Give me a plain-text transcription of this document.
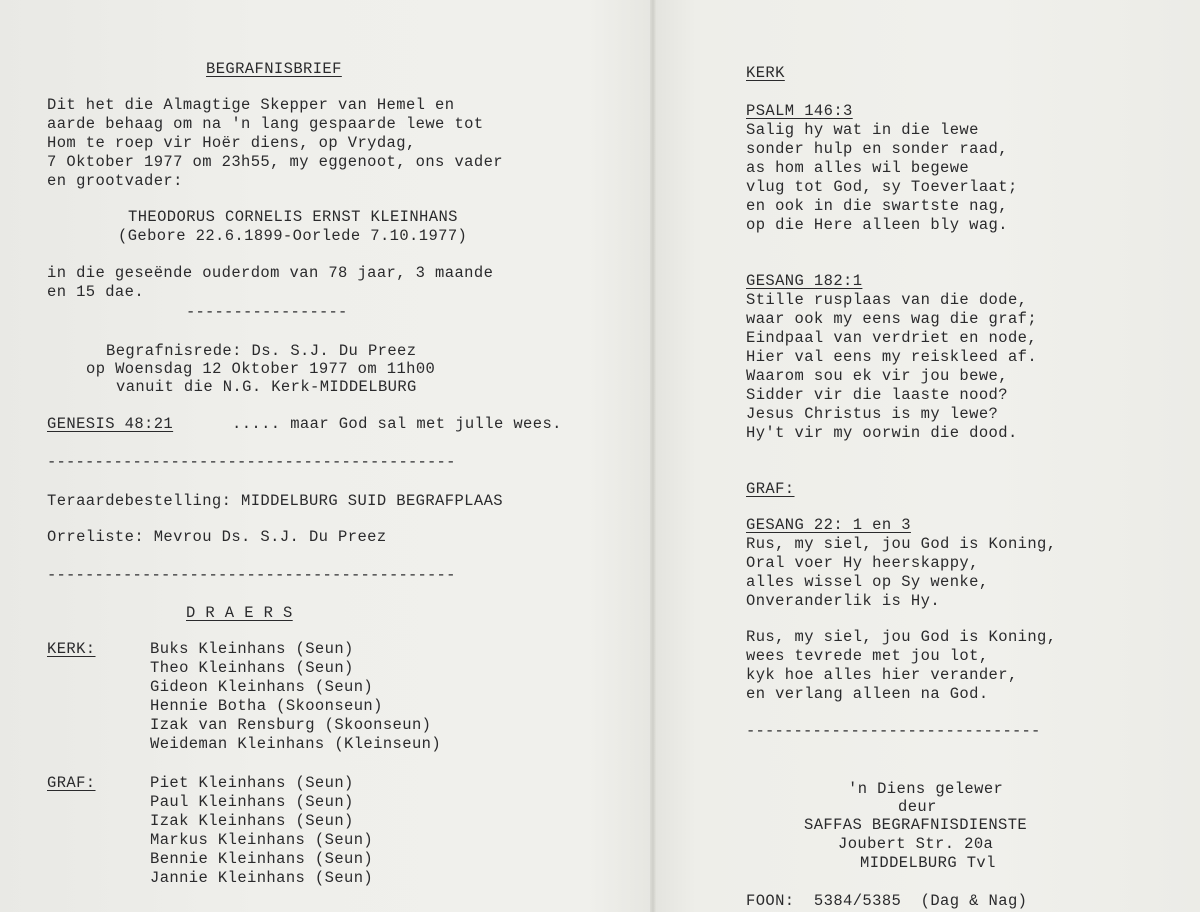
BEGRAFNISBRIEF
Dit het die Almagtige Skepper van Hemel en
aarde behaag om na 'n lang gespaarde lewe tot
Hom te roep vir Hoër diens, op Vrydag,
7 Oktober 1977 om 23h55, my eggenoot, ons vader
en grootvader:
THEODORUS CORNELIS ERNST KLEINHANS
(Gebore 22.6.1899-Oorlede 7.10.1977)
in die geseënde ouderdom van 78 jaar, 3 maande
en 15 dae.
-----------------
Begrafnisrede: Ds. S.J. Du Preez
op Woensdag 12 Oktober 1977 om 11h00
vanuit die N.G. Kerk-MIDDELBURG
GENESIS 48:21	..... maar God sal met julle wees.
-------------------------------------------
Teraardebestelling: MIDDELBURG SUID BEGRAFPLAAS
Orreliste: Mevrou Ds. S.J. Du Preez
-------------------------------------------
D R A E R S
KERK:	Buks Kleinhans (Seun)
Theo Kleinhans (Seun)
Gideon Kleinhans (Seun)
Hennie Botha (Skoonseun)
Izak van Rensburg (Skoonseun)
Weideman Kleinhans (Kleinseun)
GRAF:	Piet Kleinhans (Seun)
Paul Kleinhans (Seun)
Izak Kleinhans (Seun)
Markus Kleinhans (Seun)
Bennie Kleinhans (Seun)
Jannie Kleinhans (Seun)
KERK
PSALM 146:3
Salig hy wat in die lewe
sonder hulp en sonder raad,
as hom alles wil begewe
vlug tot God, sy Toeverlaat;
en ook in die swartste nag,
op die Here alleen bly wag.
GESANG 182:1
Stille rusplaas van die dode,
waar ook my eens wag die graf;
Eindpaal van verdriet en node,
Hier val eens my reiskleed af.
Waarom sou ek vir jou bewe,
Sidder vir die laaste nood?
Jesus Christus is my lewe?
Hy't vir my oorwin die dood.
GRAF:
GESANG 22: 1 en 3
Rus, my siel, jou God is Koning,
Oral voer Hy heerskappy,
alles wissel op Sy wenke,
Onveranderlik is Hy.
Rus, my siel, jou God is Koning,
wees tevrede met jou lot,
kyk hoe alles hier verander,
en verlang alleen na God.
-------------------------------
'n Diens gelewer
deur
SAFFAS BEGRAFNISDIENSTE
Joubert Str. 20a
MIDDELBURG Tvl
FOON:  5384/5385  (Dag & Nag)
